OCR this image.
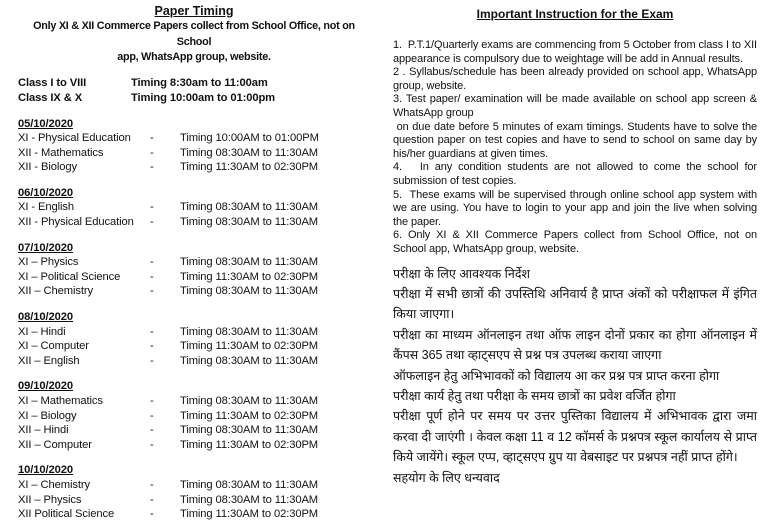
Paper Timing
Only XI & XII Commerce Papers collect from School Office, not on School
app, WhatsApp group, website.
Class I to VIII	Timing 8:30am to 11:00am
Class IX & X	Timing 10:00am to 01:00pm
05/10/2020
XI - Physical Education	-	Timing 10:00AM to 01:00PM
XII - Mathematics	-	Timing 08:30AM to 11:30AM
XII - Biology	-	Timing 11:30AM to 02:30PM
06/10/2020
XI - English	-	Timing 08:30AM to 11:30AM
XII - Physical Education	-	Timing 08:30AM to 11:30AM
07/10/2020
XI – Physics	-	Timing 08:30AM to 11:30AM
XI – Political Science	-	Timing 11:30AM to 02:30PM
XII – Chemistry	-	Timing 08:30AM to 11:30AM
08/10/2020
XI – Hindi	-	Timing 08:30AM to 11:30AM
XI – Computer	-	Timing 11:30AM to 02:30PM
XII – English	-	Timing 08:30AM to 11:30AM
09/10/2020
XI – Mathematics	-	Timing 08:30AM to 11:30AM
XI – Biology	-	Timing 11:30AM to 02:30PM
XII – Hindi	-	Timing 08:30AM to 11:30AM
XII – Computer	-	Timing 11:30AM to 02:30PM
10/10/2020
XI – Chemistry	-	Timing 08:30AM to 11:30AM
XII – Physics	-	Timing 08:30AM to 11:30AM
XII Political Science	-	Timing 11:30AM to 02:30PM
Important Instruction for the Exam

1.  P.T.1/Quarterly exams are commencing from 5 October from class I to XII appearance is compulsory due to weightage will be add in Annual results.

2 . Syllabus/schedule has been already provided on school app, WhatsApp group, website.

3. Test paper/ examination will be made available on school app screen & WhatsApp group

on due date before 5 minutes of exam timings. Students have to solve the question paper on test copies and have to send to school on same day by his/her guardians at given times.

4.   In any condition students are not allowed to come the school for submission of test copies.

5.  These exams will be supervised through online school app system with we are using. You have to login to your app and join the live when solving the paper.

6. Only XI & XII Commerce Papers collect from School Office, not on  School app, WhatsApp group, website.

परीक्षा के लिए आवश्यक निर्देश

परीक्षा में सभी छात्रों की उपस्तिथि अनिवार्य है प्राप्त अंकों को परीक्षाफल में इंगित किया जाएगा।

परीक्षा का माध्यम ऑनलाइन तथा ऑफ लाइन दोनों प्रकार का होगा ऑनलाइन में कैंपस 365 तथा व्हाट्सएप से प्रश्न पत्र उपलब्ध कराया जाएगा

ऑफलाइन हेतु अभिभावकों को विद्यालय आ कर प्रश्न पत्र प्राप्त करना होगा

परीक्षा कार्य हेतु तथा परीक्षा के समय छात्रों का प्रवेश वर्जित होगा

परीक्षा पूर्ण होने पर समय पर उत्तर पुस्तिका विद्यालय में अभिभावक द्वारा जमा करवा दी जाएंगी । केवल कक्षा 11 व 12 कॉमर्स के प्रश्नपत्र स्कूल कार्यालय से प्राप्त किये जायेंगे। स्कूल एप्प, व्हाट्सएप ग्रुप या वेबसाइट पर प्रश्नपत्र नहीं प्राप्त होंगे।

सहयोग के लिए धन्यवाद
